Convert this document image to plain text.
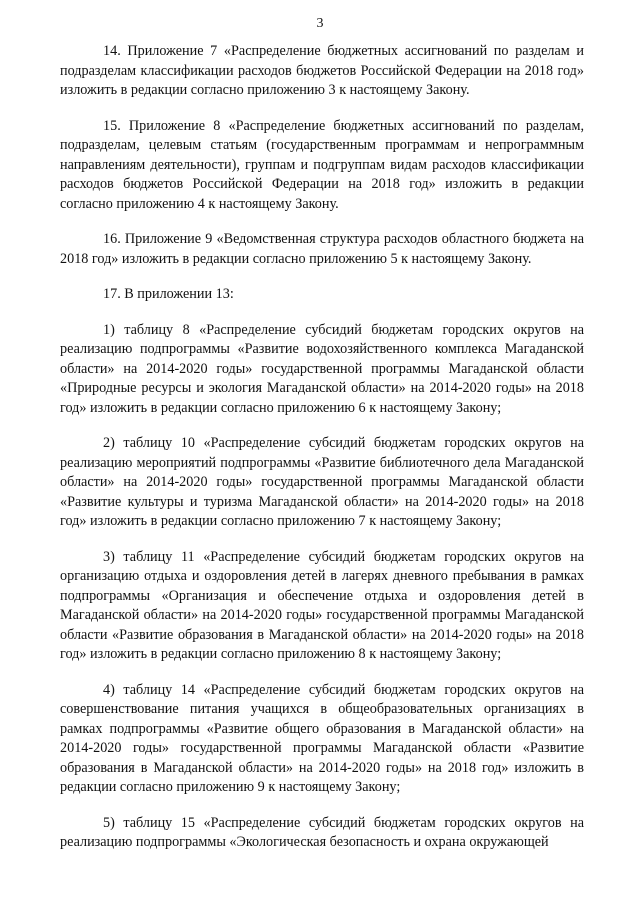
3

14. Приложение 7 «Распределение бюджетных ассигнований по разделам и подразделам классификации расходов бюджетов Российской Федерации на 2018 год» изложить в редакции согласно приложению 3 к настоящему Закону.

15. Приложение 8 «Распределение бюджетных ассигнований по разделам, подразделам, целевым статьям (государственным программам и непрограммным направлениям деятельности), группам и подгруппам видам расходов классификации расходов бюджетов Российской Федерации на 2018 год» изложить в редакции согласно приложению 4 к настоящему Закону.

16. Приложение 9 «Ведомственная структура расходов областного бюджета на 2018 год» изложить в редакции согласно приложению 5 к настоящему Закону.

17. В приложении 13:

1) таблицу 8 «Распределение субсидий бюджетам городских округов на реализацию подпрограммы «Развитие водохозяйственного комплекса Магаданской области» на 2014-2020 годы» государственной программы Магаданской области «Природные ресурсы и экология Магаданской области» на 2014-2020 годы» на 2018 год» изложить в редакции согласно приложению 6 к настоящему Закону;

2) таблицу 10 «Распределение субсидий бюджетам городских округов на реализацию мероприятий подпрограммы «Развитие библиотечного дела Магаданской области» на 2014-2020 годы» государственной программы Магаданской области «Развитие культуры и туризма Магаданской области» на 2014-2020 годы» на 2018 год» изложить в редакции согласно приложению 7 к настоящему Закону;

3) таблицу 11 «Распределение субсидий бюджетам городских округов на организацию отдыха и оздоровления детей в лагерях дневного пребывания в рамках подпрограммы «Организация и обеспечение отдыха и оздоровления детей в Магаданской области» на 2014-2020 годы» государственной программы Магаданской области «Развитие образования в Магаданской области» на 2014-2020 годы» на 2018 год» изложить в редакции согласно приложению 8 к настоящему Закону;

4) таблицу 14 «Распределение субсидий бюджетам городских округов на совершенствование питания учащихся в общеобразовательных организациях в рамках подпрограммы «Развитие общего образования в Магаданской области» на 2014-2020 годы» государственной программы Магаданской области «Развитие образования в Магаданской области» на 2014-2020 годы» на 2018 год» изложить в редакции согласно приложению 9 к настоящему Закону;

5) таблицу 15 «Распределение субсидий бюджетам городских округов на реализацию подпрограммы «Экологическая безопасность и охрана окружающей
